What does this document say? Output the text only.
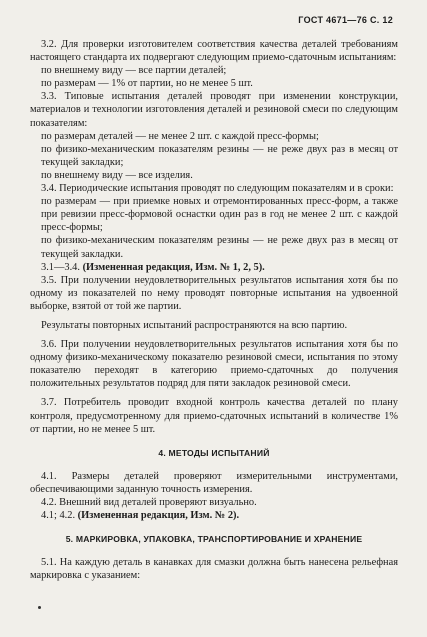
ГОСТ 4671—76 С. 12

3.2. Для проверки изготовителем соответствия качества деталей требованиям настоящего стандарта их подвергают следующим приемо-сдаточным испытаниям:

по внешнему виду — все партии деталей;

по размерам — 1% от партии, но не менее 5 шт.

3.3. Типовые испытания деталей проводят при изменении конструкции, материалов и технологии изготовления деталей и резиновой смеси по следующим показателям:

по размерам деталей — не менее 2 шт. с каждой пресс-формы;

по физико-механическим показателям резины — не реже двух раз в месяц от текущей закладки;

по внешнему виду — все изделия.

3.4. Периодические испытания проводят по следующим показателям и в сроки:

по размерам — при приемке новых и отремонтированных пресс-форм, а также при ревизии пресс-формовой оснастки один раз в год не менее 2 шт. с каждой пресс-формы;

по физико-механическим показателям резины — не реже двух раз в месяц от текущей закладки.

3.1—3.4. (Измененная редакция, Изм. № 1, 2, 5).

3.5. При получении неудовлетворительных результатов испытания хотя бы по одному из показателей по нему проводят повторные испытания на удвоенной выборке, взятой от той же партии.

Результаты повторных испытаний распространяются на всю партию.

3.6. При получении неудовлетворительных результатов испытания хотя бы по одному физико-механическому показателю резиновой смеси, испытания по этому показателю переходят в категорию приемо-сдаточных до получения положительных результатов подряд для пяти закладок резиновой смеси.

3.7. Потребитель проводит входной контроль качества деталей по плану контроля, предусмотренному для приемо-сдаточных испытаний в количестве 1% от партии, но не менее 5 шт.

4. МЕТОДЫ ИСПЫТАНИЙ

4.1. Размеры деталей проверяют измерительными инструментами, обеспечивающими заданную точность измерения.

4.2. Внешний вид деталей проверяют визуально.

4.1; 4.2. (Измененная редакция, Изм. № 2).

5. МАРКИРОВКА, УПАКОВКА, ТРАНСПОРТИРОВАНИЕ И ХРАНЕНИЕ

5.1. На каждую деталь в канавках для смазки должна быть нанесена рельефная маркировка с указанием:
